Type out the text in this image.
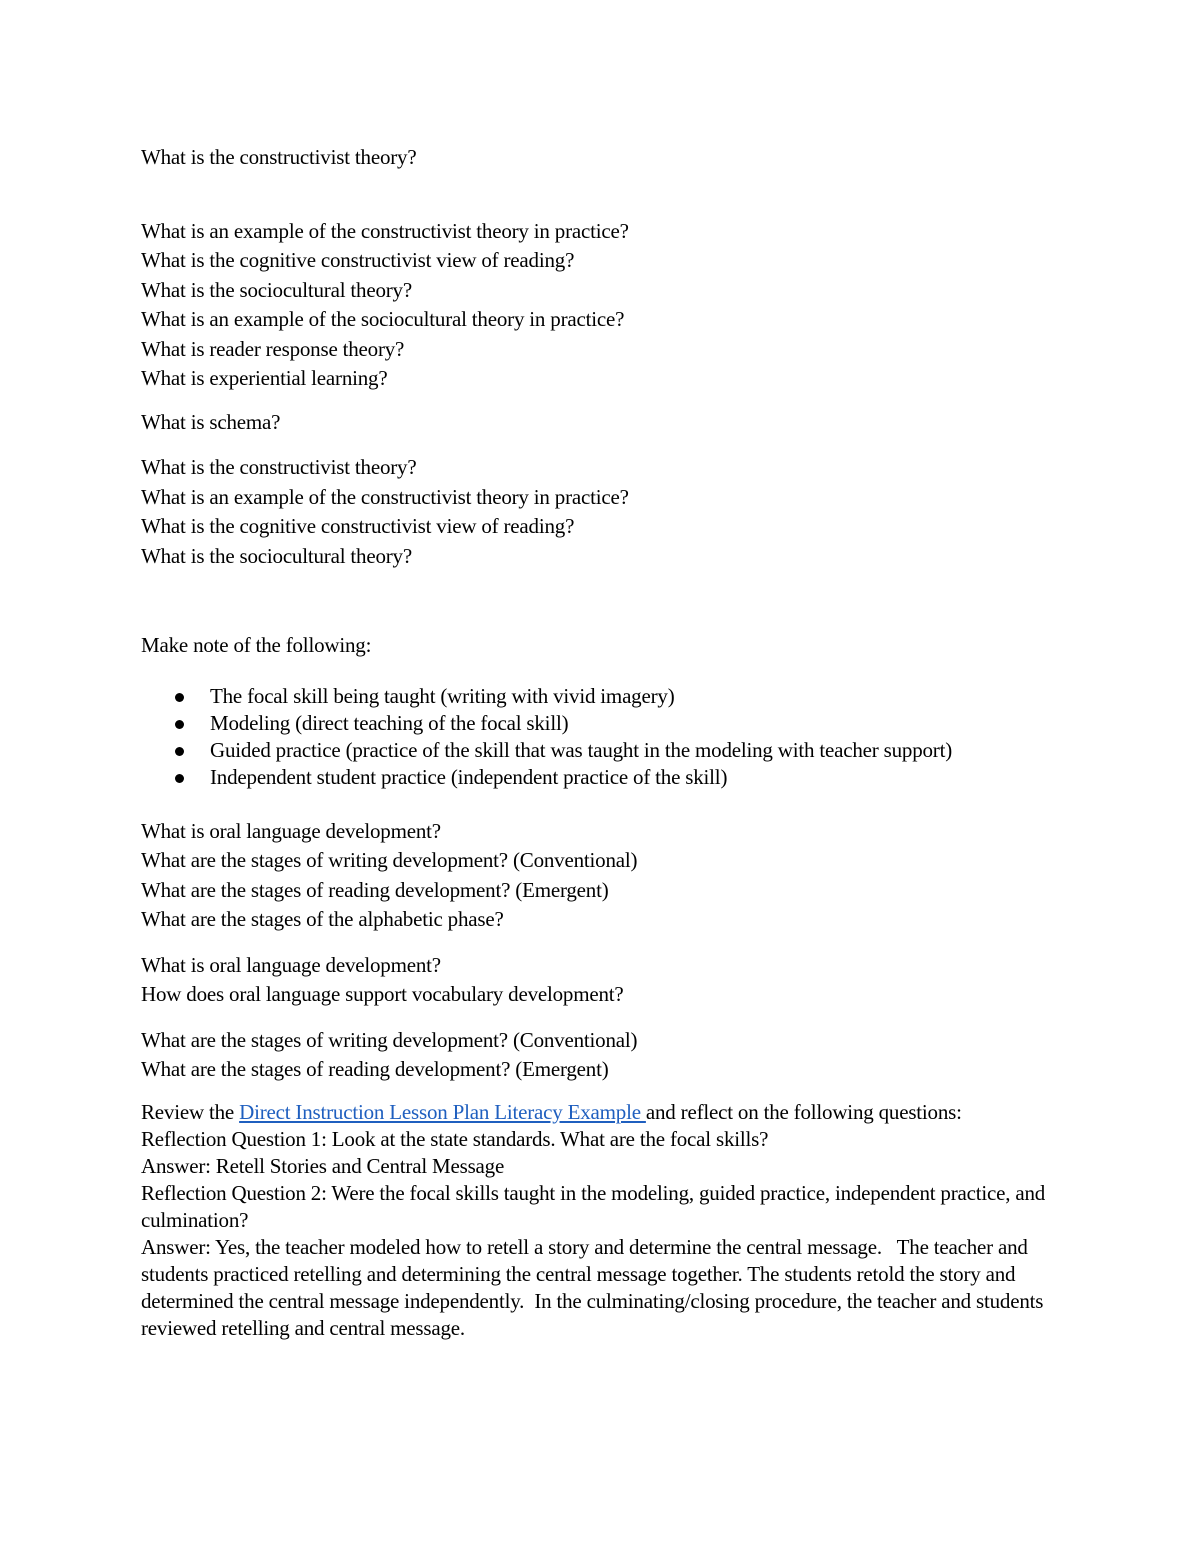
What is the constructivist theory?

What is an example of the constructivist theory in practice?

What is the cognitive constructivist view of reading?

What is the sociocultural theory?

What is an example of the sociocultural theory in practice?

What is reader response theory?

What is experiential learning?

What is schema?

What is the constructivist theory?

What is an example of the constructivist theory in practice?

What is the cognitive constructivist view of reading?

What is the sociocultural theory?

Make note of the following:

The focal skill being taught (writing with vivid imagery)
Modeling (direct teaching of the focal skill)
Guided practice (practice of the skill that was taught in the modeling with teacher support)
Independent student practice (independent practice of the skill)

What is oral language development?

What are the stages of writing development? (Conventional)

What are the stages of reading development? (Emergent)

What are the stages of the alphabetic phase?

What is oral language development?

How does oral language support vocabulary development?

What are the stages of writing development? (Conventional)

What are the stages of reading development? (Emergent)

Review the Direct Instruction Lesson Plan Literacy Example and reflect on the following questions:

Reflection Question 1: Look at the state standards. What are the focal skills?

Answer: Retell Stories and Central Message

Reflection Question 2: Were the focal skills taught in the modeling, guided practice, independent practice, and culmination?

Answer: Yes, the teacher modeled how to retell a story and determine the central message.   The teacher and students practiced retelling and determining the central message together. The students retold the story and determined the central message independently.  In the culminating/closing procedure, the teacher and students reviewed retelling and central message.
